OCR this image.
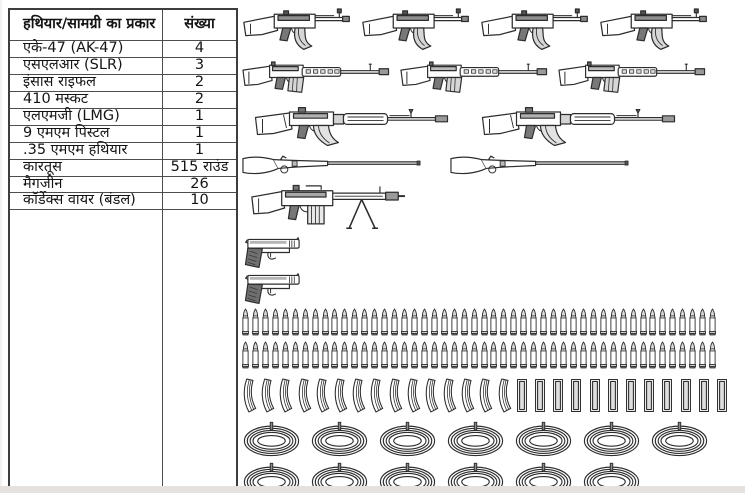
हथियार/सामग्री का प्रकार	संख्या
एके-47 (AK-47)	4
एसएलआर (SLR)	3
इंसास राइफल	2
410 मस्कट	2
एलएमजी (LMG)	1
9 एमएम पिस्टल	1
.35 एमएम हथियार	1
कारतूस	515 राउंड
मैगजीन	26
कॉर्डेक्स वायर (बंडल)	10
